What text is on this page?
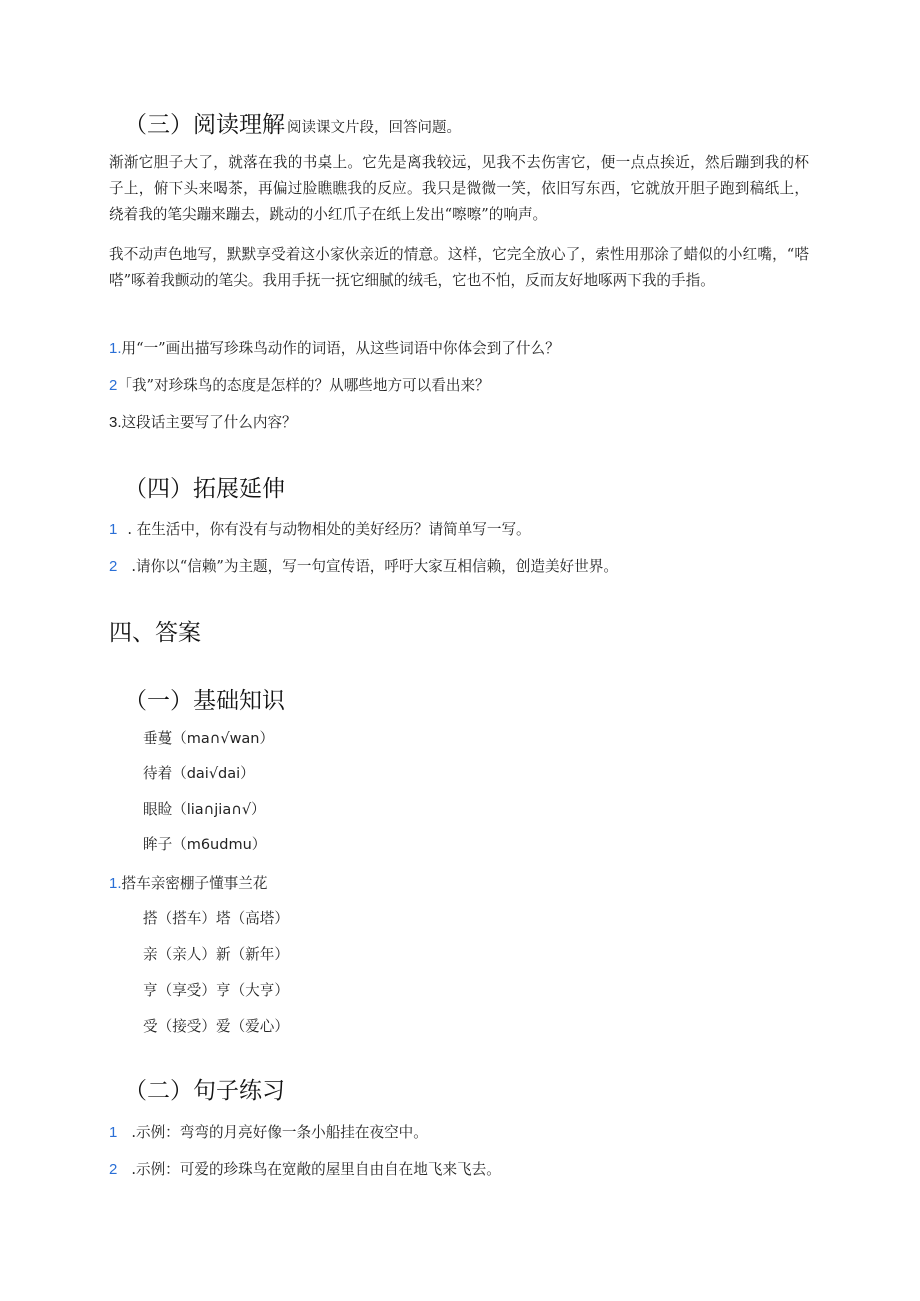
（三）阅读理解 阅读课文片段，回答问题。
渐渐它胆子大了，就落在我的书桌上。它先是离我较远，见我不去伤害它，便一点点挨近，然后蹦到我的杯子上，俯下头来喝茶，再偏过脸瞧瞧我的反应。我只是微微一笑，依旧写东西，它就放开胆子跑到稿纸上，绕着我的笔尖蹦来蹦去，跳动的小红爪子在纸上发出“嚓嚓”的响声。
我不动声色地写，默默享受着这小家伙亲近的情意。这样，它完全放心了，索性用那涂了蜡似的小红嘴，“嗒嗒”啄着我颤动的笔尖。我用手抚一抚它细腻的绒毛，它也不怕，反而友好地啄两下我的手指。
1.用“一”画出描写珍珠鸟动作的词语，从这些词语中你体会到了什么？
2「我”对珍珠鸟的态度是怎样的？从哪些地方可以看出来？
3.这段话主要写了什么内容？
（四）拓展延伸
1 . 在生活中，你有没有与动物相处的美好经历？请简单写一写。
2 .请你以“信赖”为主题，写一句宣传语，呼吁大家互相信赖，创造美好世界。
四、答案
（一）基础知识
垂蔓（ma∩√wan）
待着（dai√dai）
眼睑（lia∩jia∩√）
眸子（m6udmu）
1.搭车亲密棚子懂事兰花
搭（搭车）塔（高塔）
亲（亲人）新（新年）
亨（享受）亨（大亨）
受（接受）爱（爱心）
（二）句子练习
1 .示例：弯弯的月亮好像一条小船挂在夜空中。
2 .示例：可爱的珍珠鸟在宽敞的屋里自由自在地飞来飞去。
